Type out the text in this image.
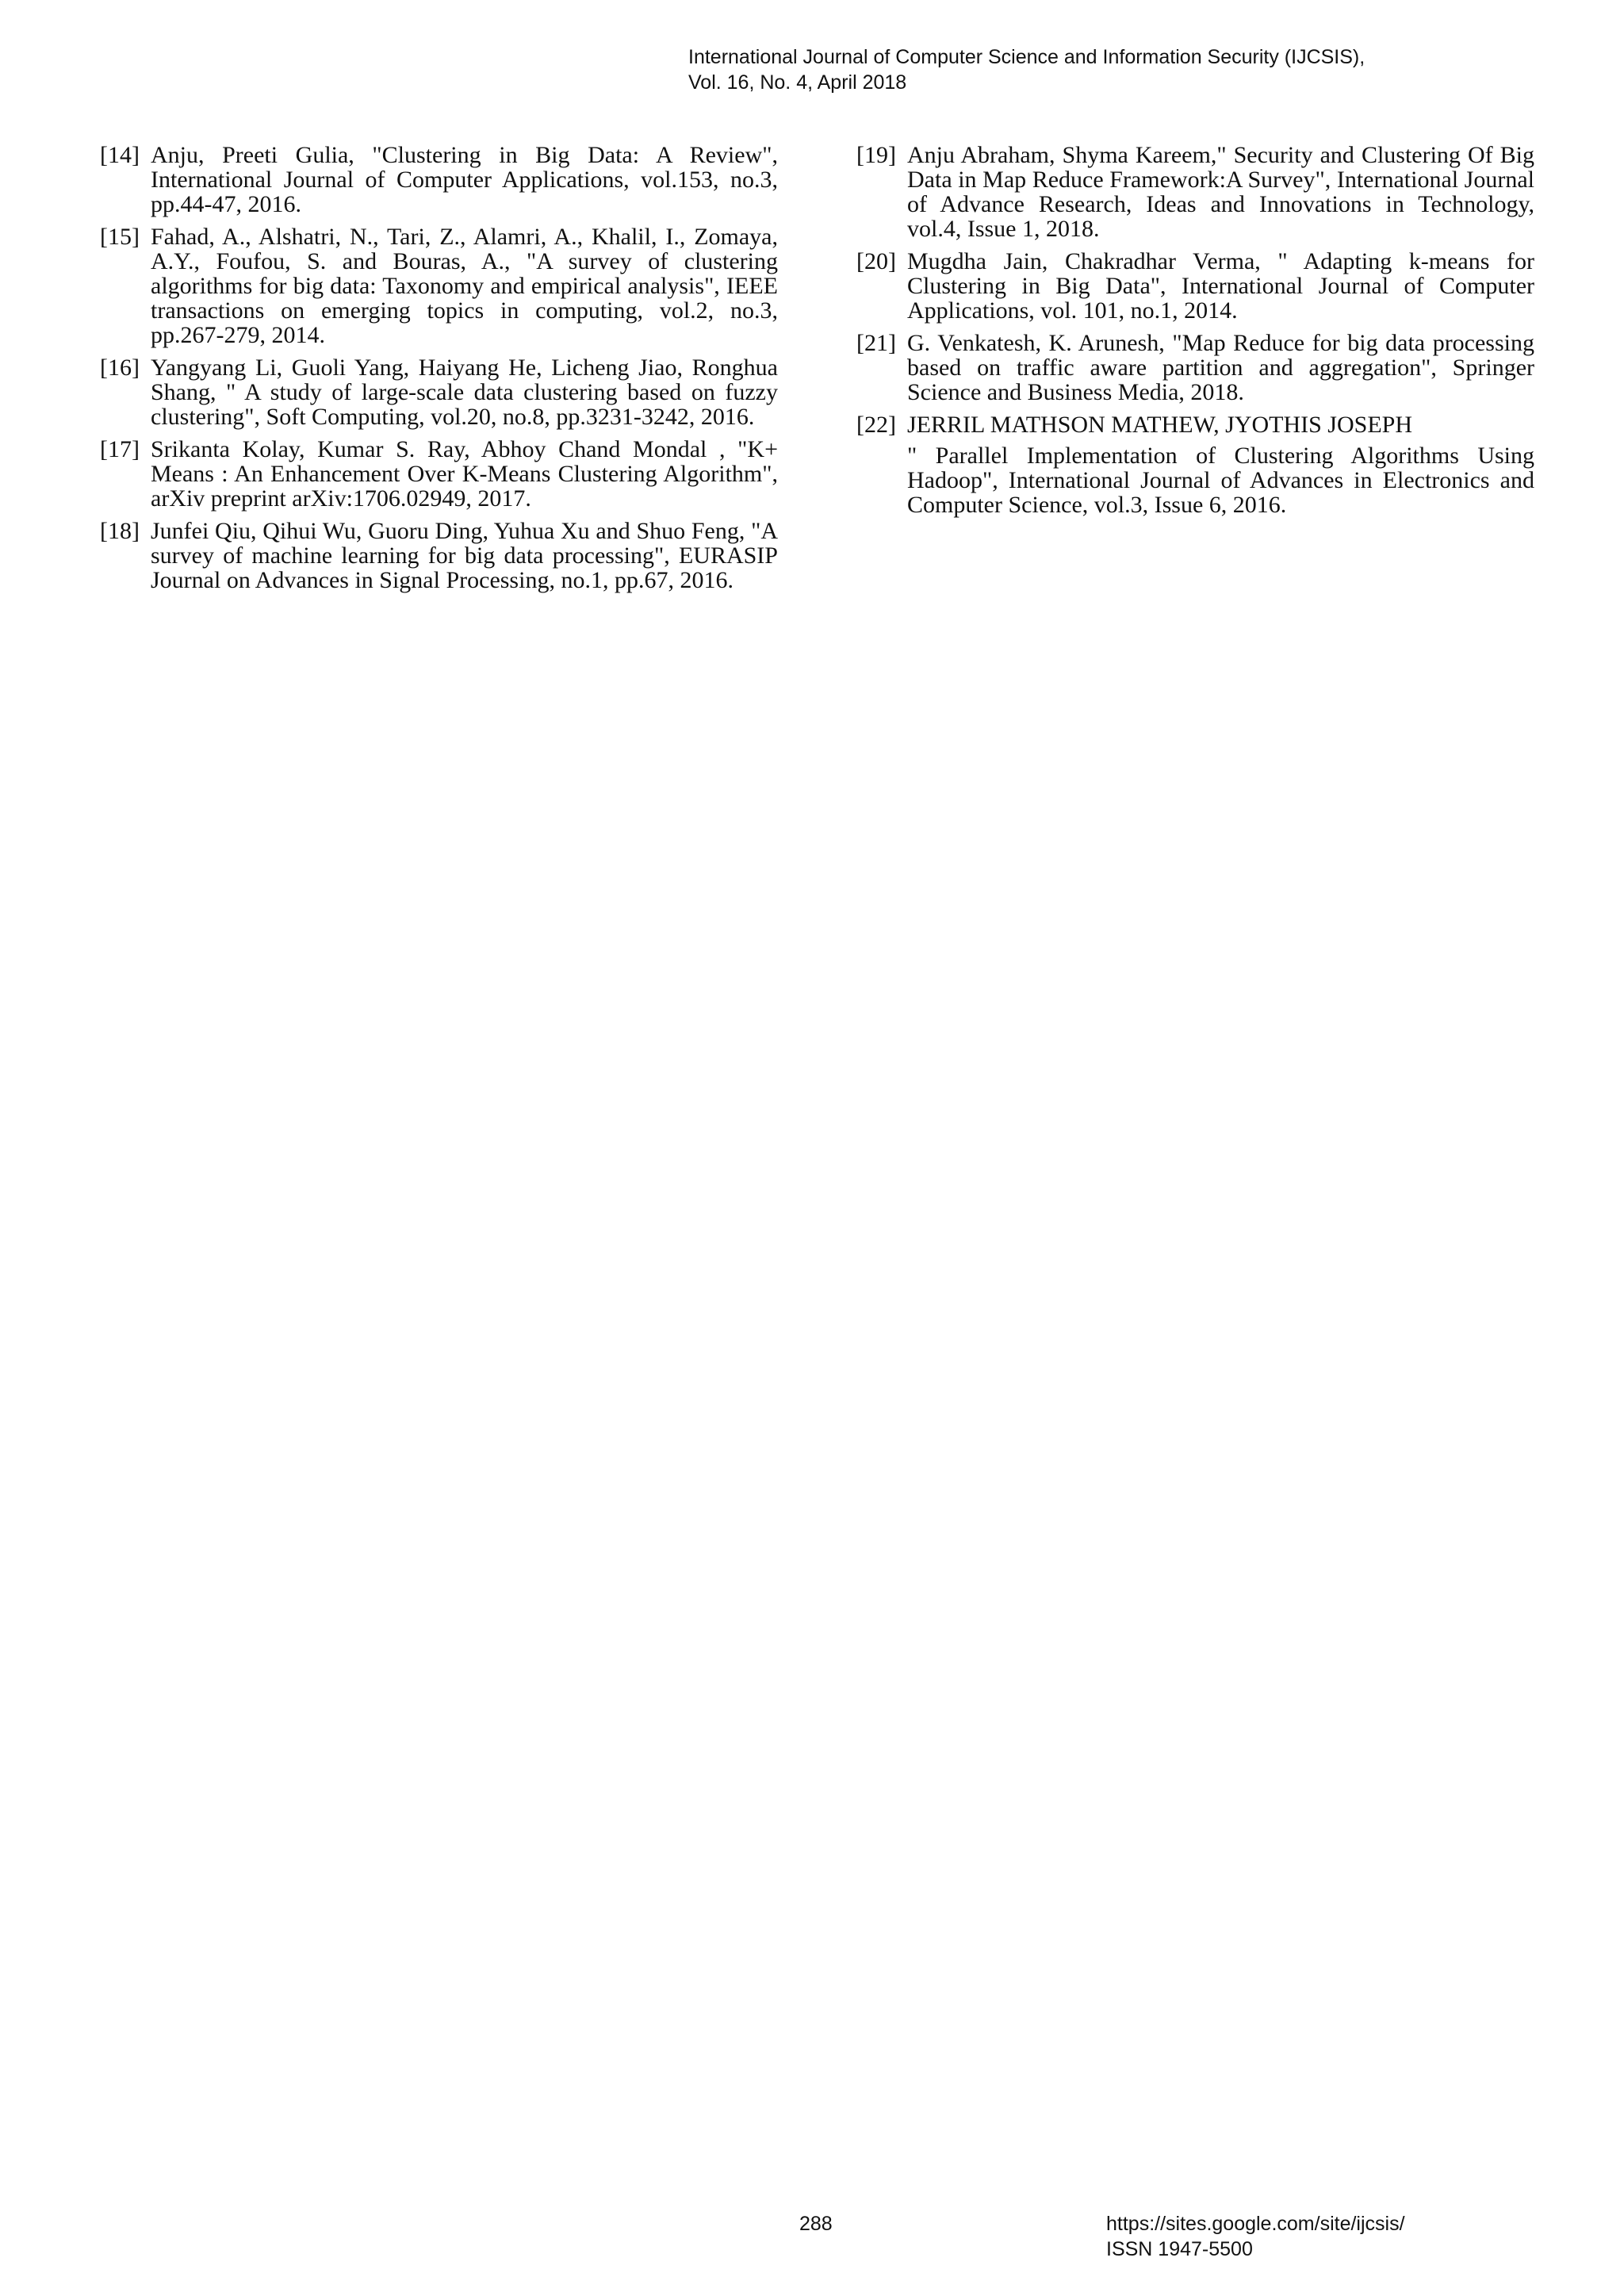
International Journal of Computer Science and Information Security (IJCSIS),
Vol. 16, No. 4, April 2018
[14] Anju, Preeti Gulia, "Clustering in Big Data: A Review", International Journal of Computer Applications, vol.153, no.3, pp.44-47, 2016.
[15] Fahad, A., Alshatri, N., Tari, Z., Alamri, A., Khalil, I., Zomaya, A.Y., Foufou, S. and Bouras, A., "A survey of clustering algorithms for big data: Taxonomy and empirical analysis", IEEE transactions on emerging topics in computing, vol.2, no.3, pp.267-279, 2014.
[16] Yangyang Li, Guoli Yang, Haiyang He, Licheng Jiao, Ronghua Shang, " A study of large-scale data clustering based on fuzzy clustering", Soft Computing, vol.20, no.8, pp.3231-3242, 2016.
[17] Srikanta Kolay, Kumar S. Ray, Abhoy Chand Mondal , "K+ Means : An Enhancement Over K-Means Clustering Algorithm", arXiv preprint arXiv:1706.02949, 2017.
[18] Junfei Qiu, Qihui Wu, Guoru Ding, Yuhua Xu and Shuo Feng, "A survey of machine learning for big data processing", EURASIP Journal on Advances in Signal Processing, no.1, pp.67, 2016.
[19] Anju Abraham, Shyma Kareem," Security and Clustering Of Big Data in Map Reduce Framework:A Survey", International Journal of Advance Research, Ideas and Innovations in Technology, vol.4, Issue 1, 2018.
[20] Mugdha Jain, Chakradhar Verma, " Adapting k-means for Clustering in Big Data", International Journal of Computer Applications, vol. 101, no.1, 2014.
[21] G. Venkatesh, K. Arunesh, "Map Reduce for big data processing based on traffic aware partition and aggregation", Springer Science and Business Media, 2018.
[22] JERRIL MATHSON MATHEW, JYOTHIS JOSEPH
" Parallel Implementation of Clustering Algorithms Using Hadoop", International Journal of Advances in Electronics and Computer Science, vol.3, Issue 6, 2016.
288	https://sites.google.com/site/ijcsis/
ISSN 1947-5500
